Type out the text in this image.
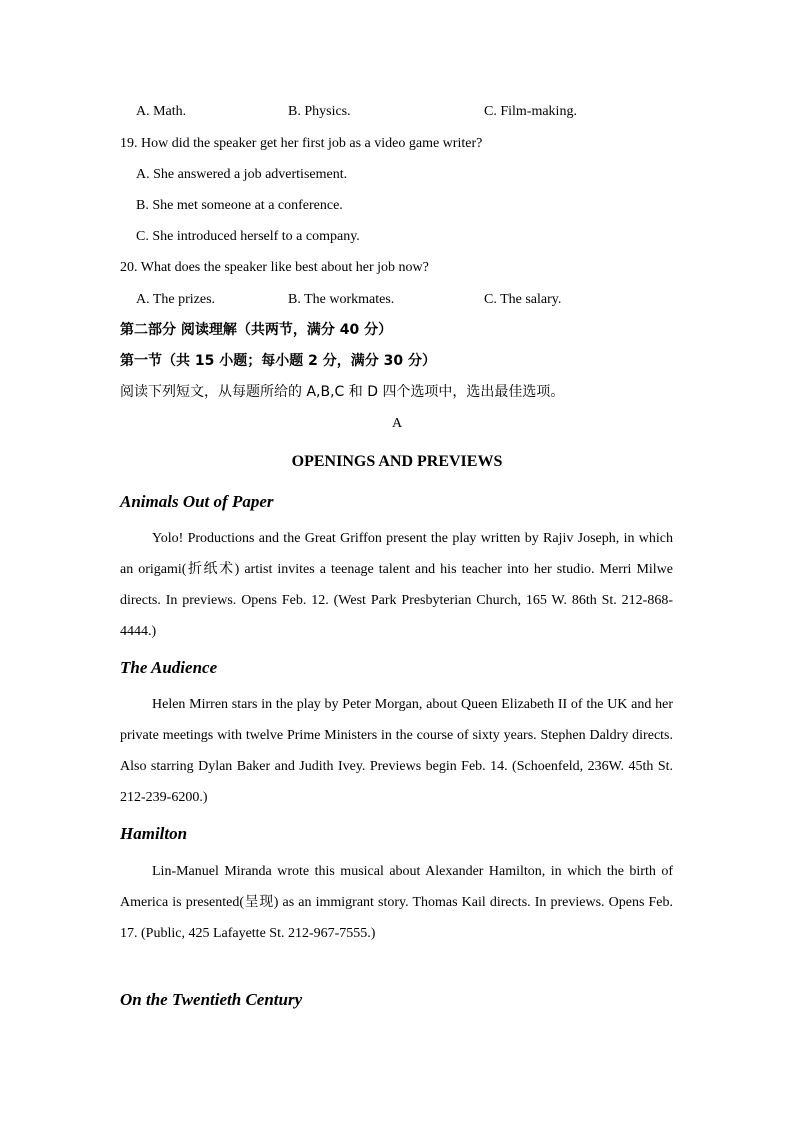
A. Math.	B. Physics.	C. Film-making.
19. How did the speaker get her first job as a video game writer?
A. She answered a job advertisement.
B. She met someone at a conference.
C. She introduced herself to a company.
20. What does the speaker like best about her job now?
A. The prizes.	B. The workmates.	C. The salary.
第二部分 阅读理解（共两节，满分 40 分）
第一节（共 15 小题；每小题 2 分，满分 30 分）
阅读下列短文，从每题所给的 A,B,C 和 D 四个选项中，选出最佳选项。
A
OPENINGS AND PREVIEWS
Animals Out of Paper
Yolo! Productions and the Great Griffon present the play written by Rajiv Joseph, in which an origami(折纸术) artist invites a teenage talent and his teacher into her studio. Merri Milwe directs. In previews. Opens Feb. 12. (West Park Presbyterian Church, 165 W. 86th St. 212-868-4444.)
The Audience
Helen Mirren stars in the play by Peter Morgan, about Queen Elizabeth II of the UK and her private meetings with twelve Prime Ministers in the course of sixty years. Stephen Daldry directs. Also starring Dylan Baker and Judith Ivey. Previews begin Feb. 14. (Schoenfeld, 236W. 45th St. 212-239-6200.)
Hamilton
Lin-Manuel Miranda wrote this musical about Alexander Hamilton, in which the birth of America is presented(呈现) as an immigrant story. Thomas Kail directs. In previews. Opens Feb. 17. (Public, 425 Lafayette St. 212-967-7555.)
On the Twentieth Century
